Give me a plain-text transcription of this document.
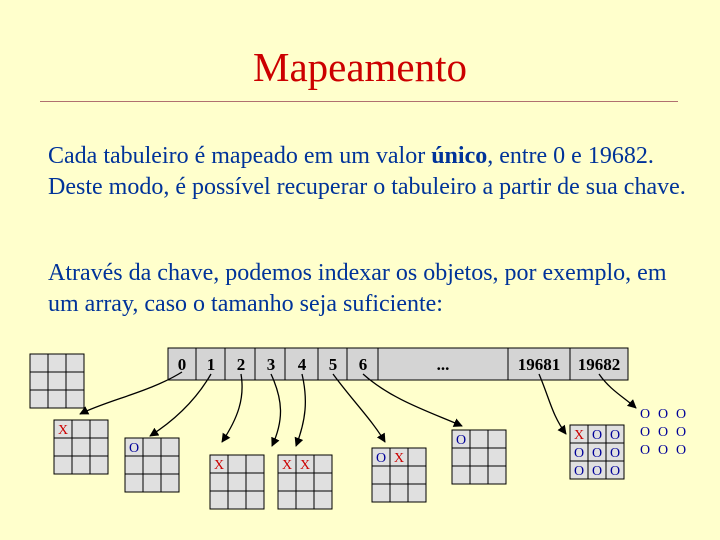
Mapeamento

Cada tabuleiro é mapeado em um valor único, entre 0 e 19682. Deste modo, é possível recuperar o tabuleiro a partir de sua chave.

Através da chave, podemos indexar os objetos, por exemplo, em um array, caso o tamanho seja suficiente:

0 1 2 3 4 5 6	...	19681 19682
X
O
X	X X	O X
O	X O O
O O O
O O O
O O O
O O O
O O O
